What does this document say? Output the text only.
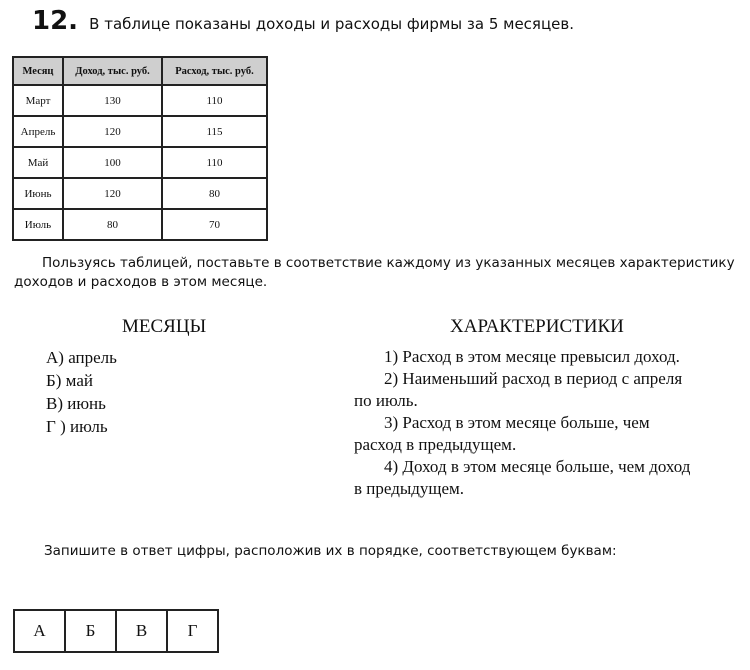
12. В таблице показаны доходы и расходы фирмы за 5 месяцев.
Месяц	Доход, тыс. руб.	Расход, тыс. руб.
Март	130	110
Апрель	120	115
Май	100	110
Июнь	120	80
Июль	80	70
Пользуясь таблицей, поставьте в соответствие каждому из указанных месяцев характеристику
доходов и расходов в этом месяце.
МЕСЯЦЫ	ХАРАКТЕРИСТИКИ
А) апрель
Б) май
В) июнь
Г ) июль
1) Расход в этом месяце превысил доход.
2) Наименьший расход в период с апреля по июль.
3) Расход в этом месяце больше, чем расход в предыдущем.
4) Доход в этом месяце больше, чем доход в предыдущем.
Запишите в ответ цифры, расположив их в порядке, соответствующем буквам:
А	Б	В	Г
